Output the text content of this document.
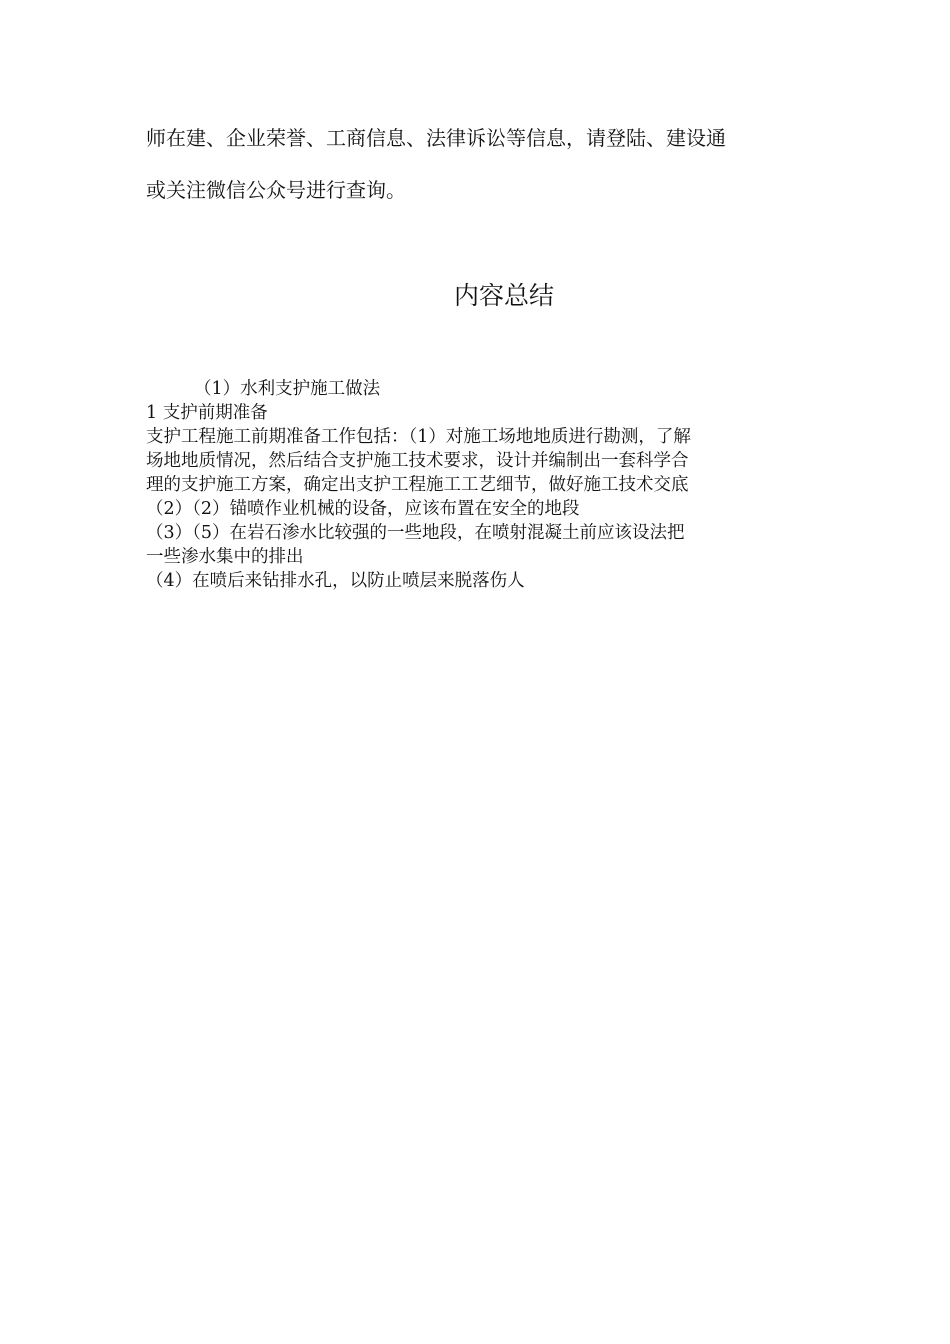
师在建、企业荣誉、工商信息、法律诉讼等信息，请登陆、建设通
或关注微信公众号进行查询。
内容总结
（1）水利支护施工做法
1 支护前期准备
支护工程施工前期准备工作包括：（1）对施工场地地质进行勘测，了解
场地地质情况，然后结合支护施工技术要求，设计并编制出一套科学合
理的支护施工方案，确定出支护工程施工工艺细节，做好施工技术交底
（2）（2）锚喷作业机械的设备，应该布置在安全的地段
（3）（5）在岩石渗水比较强的一些地段，在喷射混凝土前应该设法把
一些渗水集中的排出
（4）在喷后来钻排水孔，以防止喷层来脱落伤人
